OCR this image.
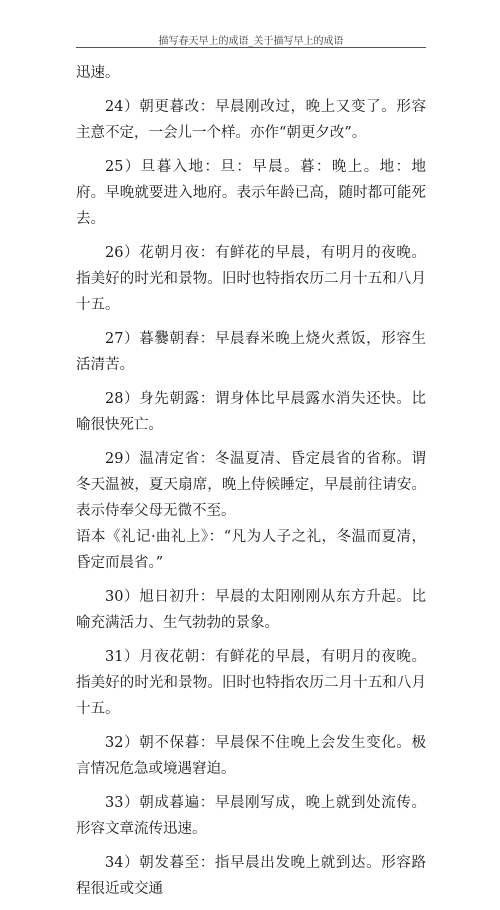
描写春天早上的成语_关于描写早上的成语

迅速。

24）朝更暮改：早晨刚改过，晚上又变了。形容主意不定，一会儿一个样。亦作“朝更夕改”。

25）旦暮入地：旦：早晨。暮：晚上。地：地府。早晚就要进入地府。表示年龄已高，随时都可能死去。

26）花朝月夜：有鲜花的早晨，有明月的夜晚。指美好的时光和景物。旧时也特指农历二月十五和八月十五。

27）暮爨朝舂：早晨舂米晚上烧火煮饭，形容生活清苦。

28）身先朝露：谓身体比早晨露水消失还快。比喻很快死亡。

29）温凊定省：冬温夏凊、昏定晨省的省称。谓冬天温被，夏天扇席，晚上侍候睡定，早晨前往请安。表示侍奉父母无微不至。

语本《礼记·曲礼上》：“凡为人子之礼，冬温而夏凊，昏定而晨省。”

30）旭日初升：早晨的太阳刚刚从东方升起。比喻充满活力、生气勃勃的景象。

31）月夜花朝：有鲜花的早晨，有明月的夜晚。指美好的时光和景物。旧时也特指农历二月十五和八月十五。

32）朝不保暮：早晨保不住晚上会发生变化。极言情况危急或境遇窘迫。

33）朝成暮遍：早晨刚写成，晚上就到处流传。形容文章流传迅速。

34）朝发暮至：指早晨出发晚上就到达。形容路程很近或交通
